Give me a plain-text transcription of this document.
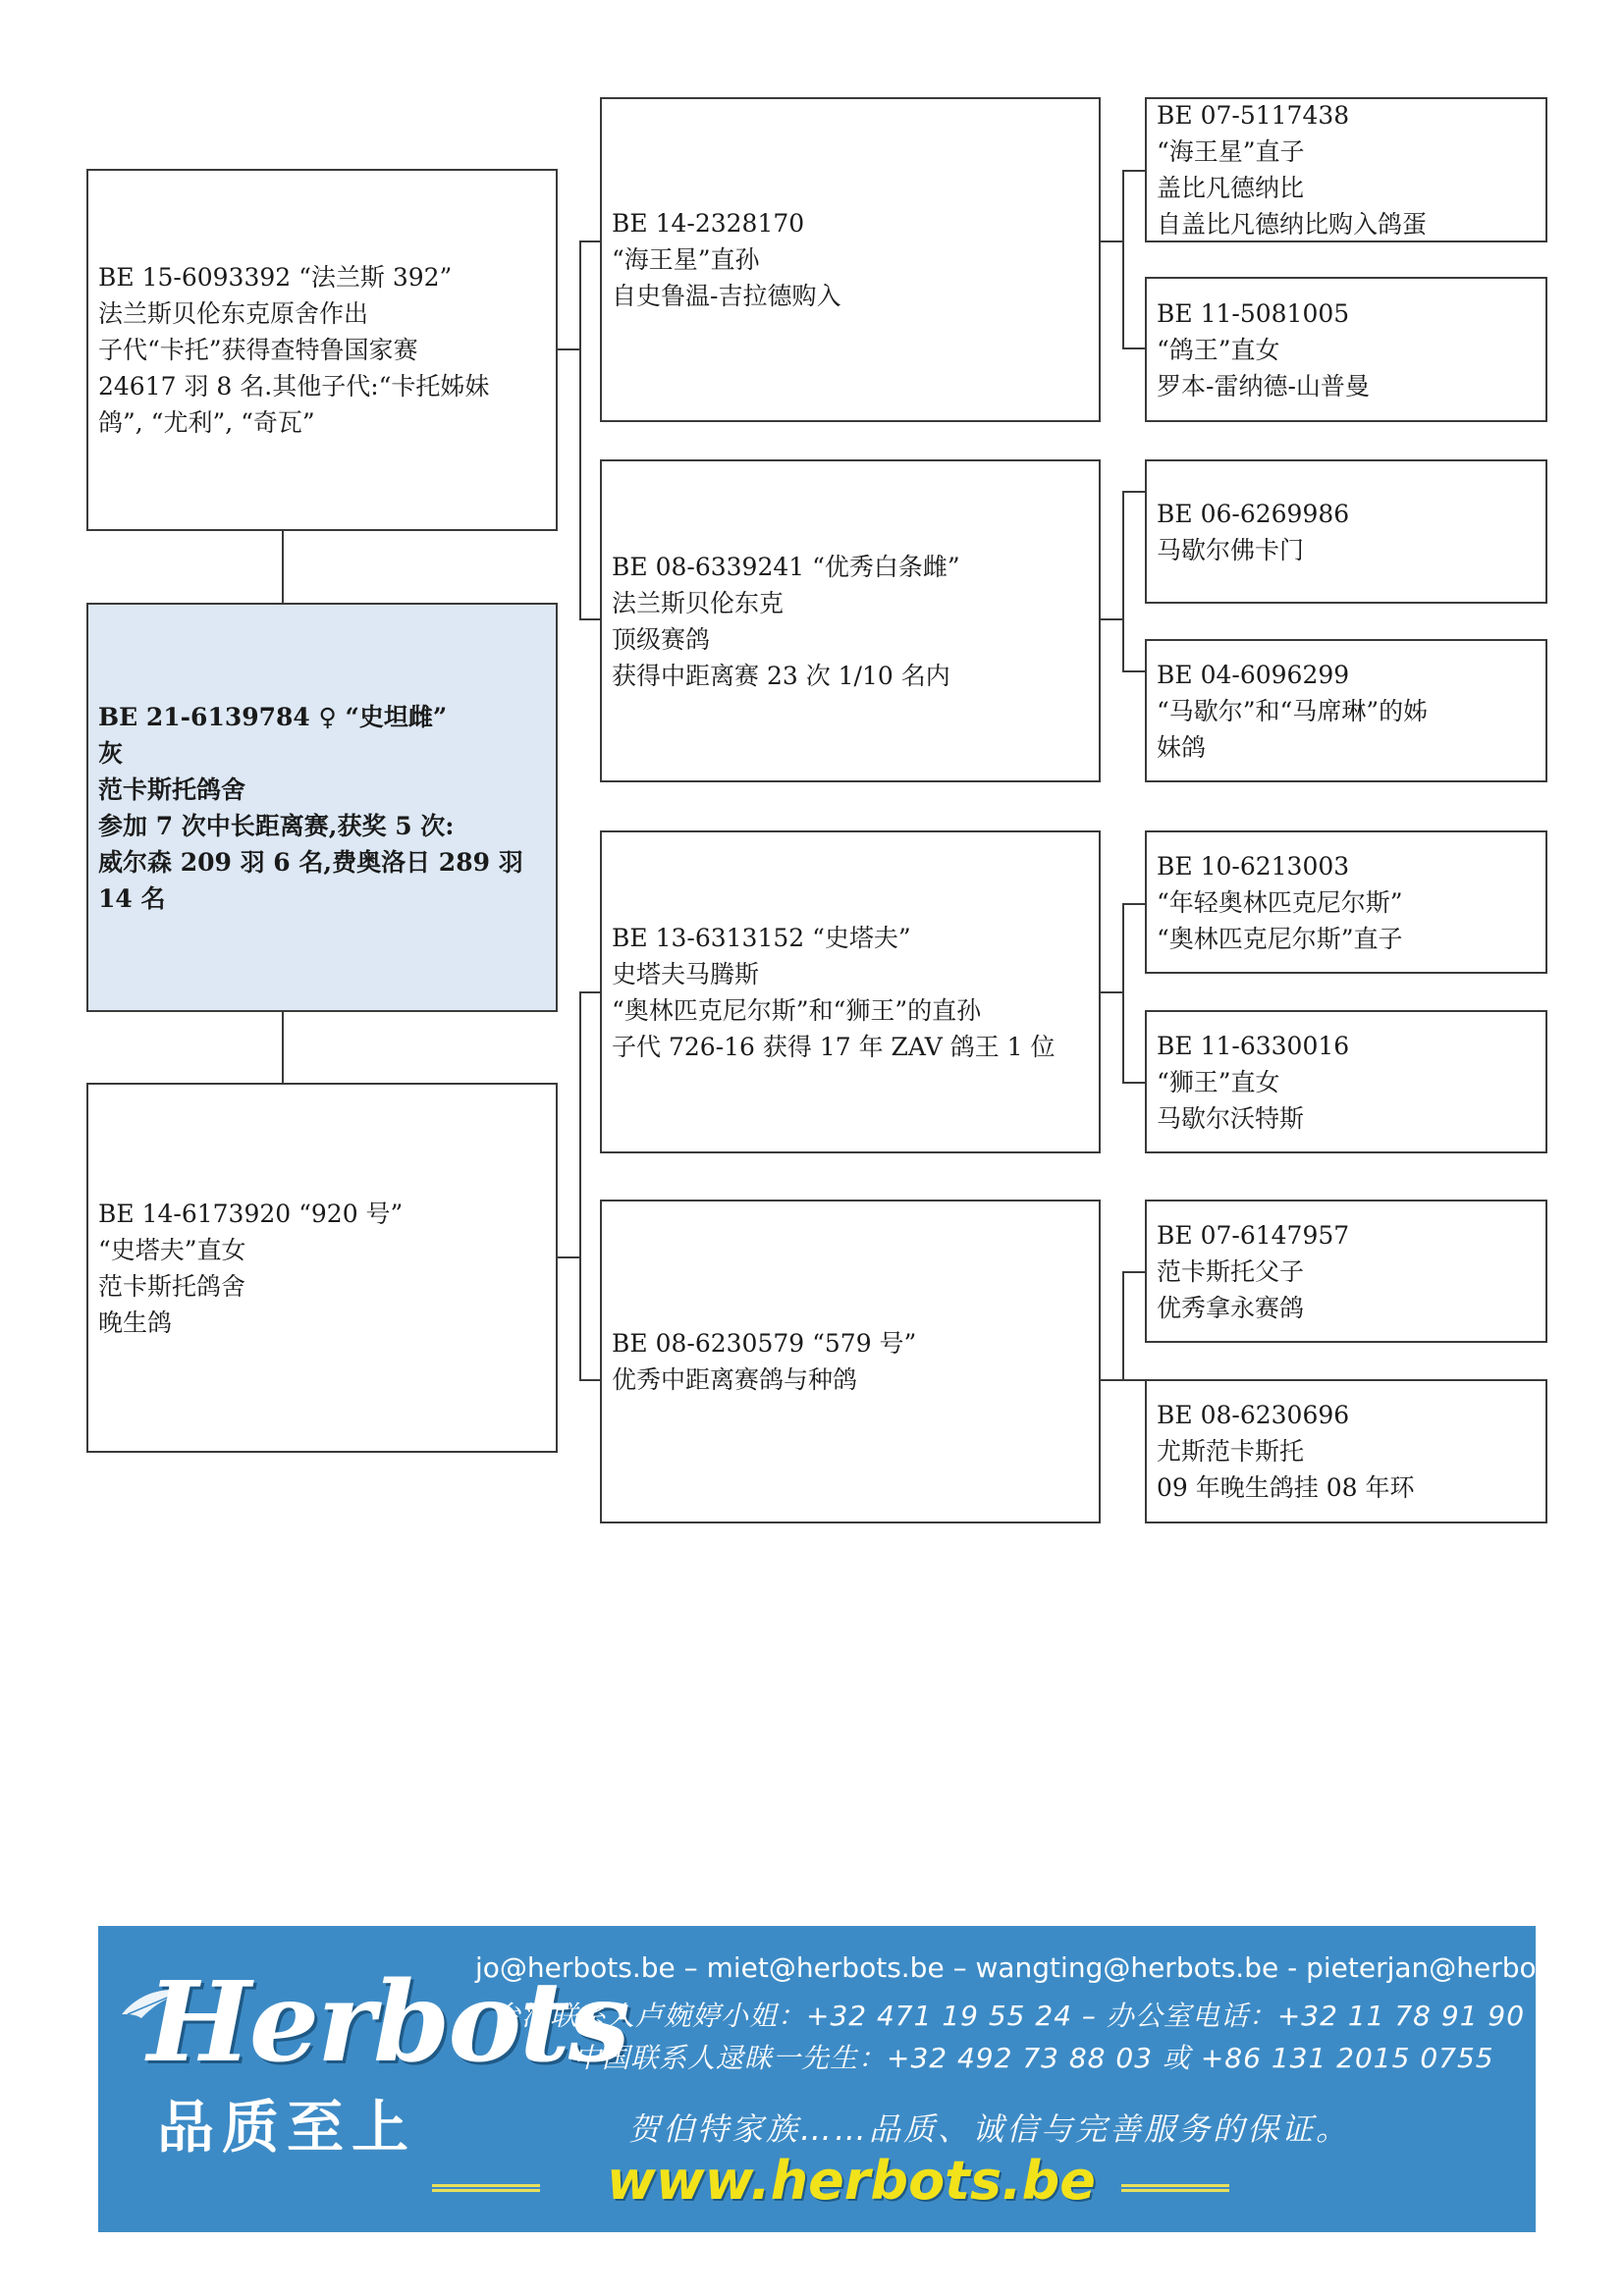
BE 15-6093392 “法兰斯 392”
法兰斯贝伦东克原舍作出
子代“卡托”获得查特鲁国家赛
24617 羽 8 名.其他子代:“卡托姊妹
鸽”, “尤利”, “奇瓦”
BE 21-6139784 ♀ “史坦雌”
灰
范卡斯托鸽舍
参加 7 次中长距离赛,获奖 5 次:
威尔森 209 羽 6 名,费奥洛日 289 羽
14 名
BE 14-6173920 “920 号”
“史塔夫”直女
范卡斯托鸽舍
晚生鸽
BE 14-2328170
“海王星”直孙
自史鲁温-吉拉德购入
BE 08-6339241 “优秀白条雌”
法兰斯贝伦东克
顶级赛鸽
获得中距离赛 23 次 1/10 名内
BE 13-6313152 “史塔夫”
史塔夫马腾斯
“奥林匹克尼尔斯”和“狮王”的直孙
子代 726-16 获得 17 年 ZAV 鸽王 1 位
BE 08-6230579 “579 号”
优秀中距离赛鸽与种鸽
BE 07-5117438
“海王星”直子
盖比凡德纳比
自盖比凡德纳比购入鸽蛋
BE 11-5081005
“鸽王”直女
罗本-雷纳德-山普曼
BE 06-6269986
马歇尔佛卡门
BE 04-6096299
“马歇尔”和“马席琳”的姊
妹鸽
BE 10-6213003
“年轻奥林匹克尼尔斯”
“奥林匹克尼尔斯”直子
BE 11-6330016
“狮王”直女
马歇尔沃特斯
BE 07-6147957
范卡斯托父子
优秀拿永赛鸽
BE 08-6230696
尤斯范卡斯托
09 年晚生鸽挂 08 年环
Herbots
品质至上
jo@herbots.be – miet@herbots.be – wangting@herbots.be - pieterjan@herbots.be
台湾联系人卢婉婷小姐：+32 471 19 55 24 – 办公室电话：+32 11 78 91 90
中国联系人逯睐一先生：+32 492 73 88 03 或 +86 131 2015 0755
贺伯特家族……品质、诚信与完善服务的保证。
www.herbots.be
